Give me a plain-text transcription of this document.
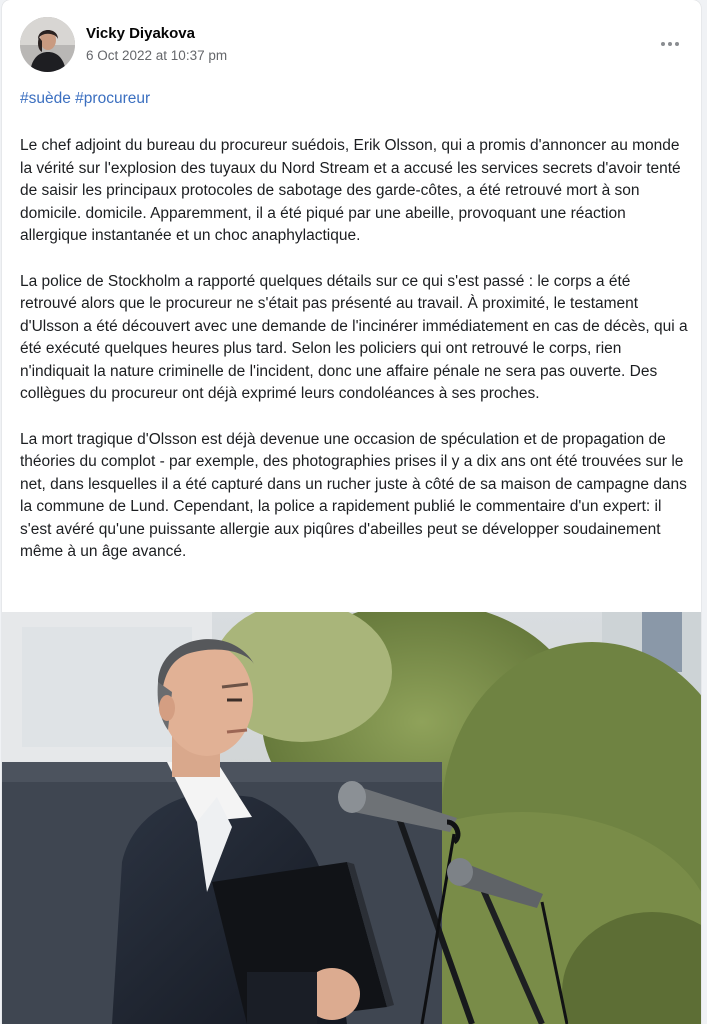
Vicky Diyakova
6 Oct 2022 at 10:37 pm
#suède #procureur

Le chef adjoint du bureau du procureur suédois, Erik Olsson, qui a promis d'annoncer au monde la vérité sur l'explosion des tuyaux du Nord Stream et a accusé les services secrets d'avoir tenté de saisir les principaux protocoles de sabotage des garde-côtes, a été retrouvé mort à son domicile. domicile. Apparemment, il a été piqué par une abeille, provoquant une réaction allergique instantanée et un choc anaphylactique.

La police de Stockholm a rapporté quelques détails sur ce qui s'est passé : le corps a été retrouvé alors que le procureur ne s'était pas présenté au travail. À proximité, le testament d'Ulsson a été découvert avec une demande de l'incinérer immédiatement en cas de décès, qui a été exécuté quelques heures plus tard. Selon les policiers qui ont retrouvé le corps, rien n'indiquait la nature criminelle de l'incident, donc une affaire pénale ne sera pas ouverte. Des collègues du procureur ont déjà exprimé leurs condoléances à ses proches.

La mort tragique d'Olsson est déjà devenue une occasion de spéculation et de propagation de théories du complot - par exemple, des photographies prises il y a dix ans ont été trouvées sur le net, dans lesquelles il a été capturé dans un rucher juste à côté de sa maison de campagne dans la commune de Lund. Cependant, la police a rapidement publié le commentaire d'un expert: il s'est avéré qu'une puissante allergie aux piqûres d'abeilles peut se développer soudainement même à un âge avancé.
